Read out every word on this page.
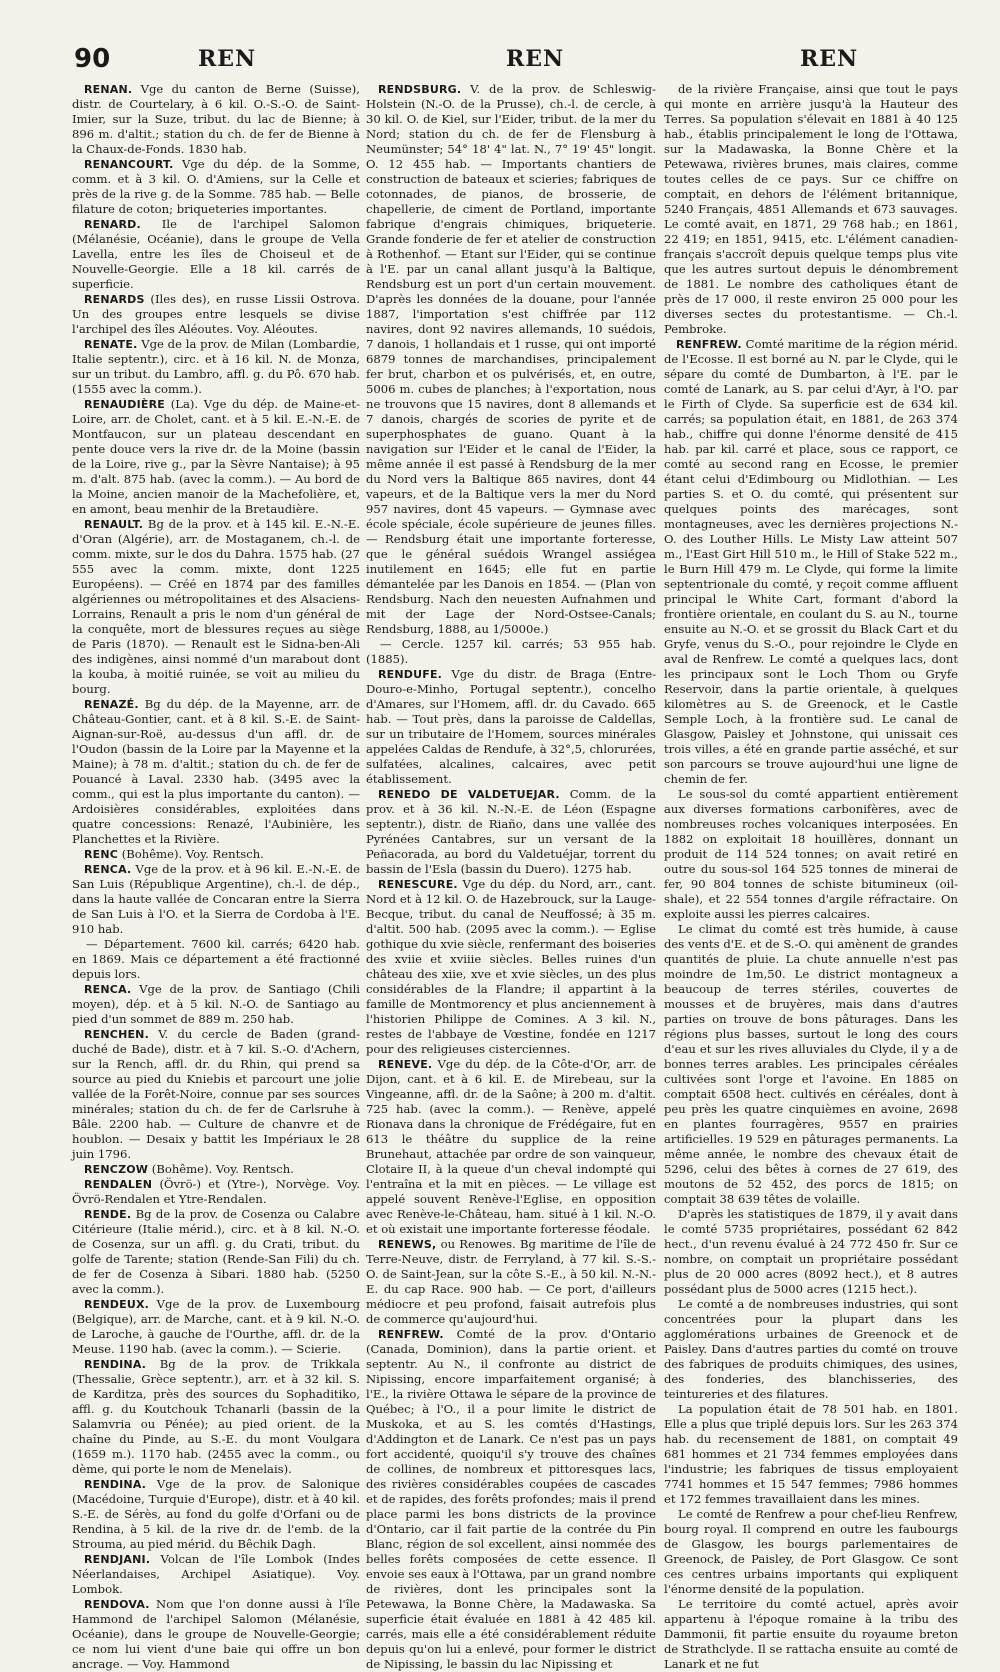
90	REN	REN	REN

RENAN. Vge du canton de Berne (Suisse), distr. de Courtelary, à 6 kil. O.-S.-O. de Saint-Imier, sur la Suze, tribut. du lac de Bienne; à 896 m. d'altit.; station du ch. de fer de Bienne à la Chaux-de-Fonds. 1830 hab.

RENANCOURT. Vge du dép. de la Somme, comm. et à 3 kil. O. d'Amiens, sur la Celle et près de la rive g. de la Somme. 785 hab. — Belle filature de coton; briqueteries importantes.

RENARD. Ile de l'archipel Salomon (Mélanésie, Océanie), dans le groupe de Vella Lavella, entre les îles de Choiseul et de Nouvelle-Georgie. Elle a 18 kil. carrés de superficie.

RENARDS (Iles des), en russe Lissii Ostrova. Un des groupes entre lesquels se divise l'archipel des îles Aléoutes. Voy. Aléoutes.

RENATE. Vge de la prov. de Milan (Lombardie, Italie septentr.), circ. et à 16 kil. N. de Monza, sur un tribut. du Lambro, affl. g. du Pô. 670 hab. (1555 avec la comm.).

RENAUDIÈRE (La). Vge du dép. de Maine-et-Loire, arr. de Cholet, cant. et à 5 kil. E.-N.-E. de Montfaucon, sur un plateau descendant en pente douce vers la rive dr. de la Moine (bassin de la Loire, rive g., par la Sèvre Nantaise); à 95 m. d'alt. 875 hab. (avec la comm.). — Au bord de la Moine, ancien manoir de la Machefolière, et, en amont, beau menhir de la Bretaudière.

RENAULT. Bg de la prov. et à 145 kil. E.-N.-E. d'Oran (Algérie), arr. de Mostaganem, ch.-l. de comm. mixte, sur le dos du Dahra. 1575 hab. (27 555 avec la comm. mixte, dont 1225 Européens). — Créé en 1874 par des familles algériennes ou métropolitaines et des Alsaciens-Lorrains, Renault a pris le nom d'un général de la conquête, mort de blessures reçues au siège de Paris (1870). — Renault est le Sidna-ben-Ali des indigènes, ainsi nommé d'un marabout dont la kouba, à moitié ruinée, se voit au milieu du bourg.

RENAZÉ. Bg du dép. de la Mayenne, arr. de Château-Gontier, cant. et à 8 kil. S.-E. de Saint-Aignan-sur-Roë, au-dessus d'un affl. dr. de l'Oudon (bassin de la Loire par la Mayenne et la Maine); à 78 m. d'altit.; station du ch. de fer de Pouancé à Laval. 2330 hab. (3495 avec la comm., qui est la plus importante du canton). — Ardoisières considérables, exploitées dans quatre concessions: Renazé, l'Aubinière, les Planchettes et la Rivière.

RENC (Bohême). Voy. Rentsch.

RENCA. Vge de la prov. et à 96 kil. E.-N.-E. de San Luis (République Argentine), ch.-l. de dép., dans la haute vallée de Concaran entre la Sierra de San Luis à l'O. et la Sierra de Cordoba à l'E. 910 hab.

— Département. 7600 kil. carrés; 6420 hab. en 1869. Mais ce département a été fractionné depuis lors.

RENCA. Vge de la prov. de Santiago (Chili moyen), dép. et à 5 kil. N.-O. de Santiago au pied d'un sommet de 889 m. 250 hab.

RENCHEN. V. du cercle de Baden (grand-duché de Bade), distr. et à 7 kil. S.-O. d'Achern, sur la Rench, affl. dr. du Rhin, qui prend sa source au pied du Kniebis et parcourt une jolie vallée de la Forêt-Noire, connue par ses sources minérales; station du ch. de fer de Carlsruhe à Bâle. 2200 hab. — Culture de chanvre et de houblon. — Desaix y battit les Impériaux le 28 juin 1796.

RENCZOW (Bohême). Voy. Rentsch.

RENDALEN (Övrö-) et (Ytre-), Norvège. Voy. Övrö-Rendalen et Ytre-Rendalen.

RENDE. Bg de la prov. de Cosenza ou Calabre Citérieure (Italie mérid.), circ. et à 8 kil. N.-O. de Cosenza, sur un affl. g. du Crati, tribut. du golfe de Tarente; station (Rende-San Fili) du ch. de fer de Cosenza à Sibari. 1880 hab. (5250 avec la comm.).

RENDEUX. Vge de la prov. de Luxembourg (Belgique), arr. de Marche, cant. et à 9 kil. N.-O. de Laroche, à gauche de l'Ourthe, affl. dr. de la Meuse. 1190 hab. (avec la comm.). — Scierie.

RENDINA. Bg de la prov. de Trikkala (Thessalie, Grèce septentr.), arr. et à 32 kil. S. de Karditza, près des sources du Sophaditiko, affl. g. du Koutchouk Tchanarli (bassin de la Salamvria ou Pénée); au pied orient. de la chaîne du Pinde, au S.-E. du mont Voulgara (1659 m.). 1170 hab. (2455 avec la comm., ou dème, qui porte le nom de Menelais).

RENDINA. Vge de la prov. de Salonique (Macédoine, Turquie d'Europe), distr. et à 40 kil. S.-E. de Sérès, au fond du golfe d'Orfani ou de Rendina, à 5 kil. de la rive dr. de l'emb. de la Strouma, au pied mérid. du Bêchik Dagh.

RENDJANI. Volcan de l'île Lombok (Indes Néerlandaises, Archipel Asiatique). Voy. Lombok.

RENDOVA. Nom que l'on donne aussi à l'île Hammond de l'archipel Salomon (Mélanésie, Océanie), dans le groupe de Nouvelle-Georgie; ce nom lui vient d'une baie qui offre un bon ancrage. — Voy. Hammond

RENDSBURG. V. de la prov. de Schleswig-Holstein (N.-O. de la Prusse), ch.-l. de cercle, à 30 kil. O. de Kiel, sur l'Eider, tribut. de la mer du Nord; station du ch. de fer de Flensburg à Neumünster; 54° 18' 4" lat. N., 7° 19' 45" longit. O. 12 455 hab. — Importants chantiers de construction de bateaux et scieries; fabriques de cotonnades, de pianos, de brosserie, de chapellerie, de ciment de Portland, importante fabrique d'engrais chimiques, briqueterie. Grande fonderie de fer et atelier de construction à Rothenhof. — Etant sur l'Eider, qui se continue à l'E. par un canal allant jusqu'à la Baltique, Rendsburg est un port d'un certain mouvement. D'après les données de la douane, pour l'année 1887, l'importation s'est chiffrée par 112 navires, dont 92 navires allemands, 10 suédois, 7 danois, 1 hollandais et 1 russe, qui ont importé 6879 tonnes de marchandises, principalement fer brut, charbon et os pulvérisés, et, en outre, 5006 m. cubes de planches; à l'exportation, nous ne trouvons que 15 navires, dont 8 allemands et 7 danois, chargés de scories de pyrite et de superphosphates de guano. Quant à la navigation sur l'Eider et le canal de l'Eider, la même année il est passé à Rendsburg de la mer du Nord vers la Baltique 865 navires, dont 44 vapeurs, et de la Baltique vers la mer du Nord 957 navires, dont 45 vapeurs. — Gymnase avec école spéciale, école supérieure de jeunes filles. — Rendsburg était une importante forteresse, que le général suédois Wrangel assiégea inutilement en 1645; elle fut en partie démantelée par les Danois en 1854. — (Plan von Rendsburg. Nach den neuesten Aufnahmen und mit der Lage der Nord-Ostsee-Canals; Rendsburg, 1888, au 1/5000e.)

— Cercle. 1257 kil. carrés; 53 955 hab. (1885).

RENDUFE. Vge du distr. de Braga (Entre-Douro-e-Minho, Portugal septentr.), concelho d'Amares, sur l'Homem, affl. dr. du Cavado. 665 hab. — Tout près, dans la paroisse de Caldellas, sur un tributaire de l'Homem, sources minérales appelées Caldas de Rendufe, à 32°,5, chlorurées, sulfatées, alcalines, calcaires, avec petit établissement.

RENEDO DE VALDETUEJAR. Comm. de la prov. et à 36 kil. N.-N.-E. de Léon (Espagne septentr.), distr. de Riaño, dans une vallée des Pyrénées Cantabres, sur un versant de la Peñacorada, au bord du Valdetuéjar, torrent du bassin de l'Esla (bassin du Duero). 1275 hab.

RENESCURE. Vge du dép. du Nord, arr., cant. Nord et à 12 kil. O. de Hazebrouck, sur la Lauge-Becque, tribut. du canal de Neuffossé; à 35 m. d'altit. 500 hab. (2095 avec la comm.). — Eglise gothique du xvie siècle, renfermant des boiseries des xviie et xviiie siècles. Belles ruines d'un château des xiie, xve et xvie siècles, un des plus considérables de la Flandre; il appartint à la famille de Montmorency et plus anciennement à l'historien Philippe de Comines. A 3 kil. N., restes de l'abbaye de Vœstine, fondée en 1217 pour des religieuses cisterciennes.

RENEVE. Vge du dép. de la Côte-d'Or, arr. de Dijon, cant. et à 6 kil. E. de Mirebeau, sur la Vingeanne, affl. dr. de la Saône; à 200 m. d'altit. 725 hab. (avec la comm.). — Renève, appelé Rionava dans la chronique de Frédégaire, fut en 613 le théâtre du supplice de la reine Brunehaut, attachée par ordre de son vainqueur, Clotaire II, à la queue d'un cheval indompté qui l'entraîna et la mit en pièces. — Le village est appelé souvent Renève-l'Eglise, en opposition avec Renève-le-Château, ham. situé à 1 kil. N.-O. et où existait une importante forteresse féodale.

RENEWS, ou Renowes. Bg maritime de l'île de Terre-Neuve, distr. de Ferryland, à 77 kil. S.-S.-O. de Saint-Jean, sur la côte S.-E., à 50 kil. N.-N.-E. du cap Race. 900 hab. — Ce port, d'ailleurs médiocre et peu profond, faisait autrefois plus de commerce qu'aujourd'hui.

RENFREW. Comté de la prov. d'Ontario (Canada, Dominion), dans la partie orient. et septentr. Au N., il confronte au district de Nipissing, encore imparfaitement organisé; à l'E., la rivière Ottawa le sépare de la province de Québec; à l'O., il a pour limite le district de Muskoka, et au S. les comtés d'Hastings, d'Addington et de Lanark. Ce n'est pas un pays fort accidenté, quoiqu'il s'y trouve des chaînes de collines, de nombreux et pittoresques lacs, des rivières considérables coupées de cascades et de rapides, des forêts profondes; mais il prend place parmi les bons districts de la province d'Ontario, car il fait partie de la contrée du Pin Blanc, région de sol excellent, ainsi nommée des belles forêts composées de cette essence. Il envoie ses eaux à l'Ottawa, par un grand nombre de rivières, dont les principales sont la Petewawa, la Bonne Chère, la Madawaska. Sa superficie était évaluée en 1881 à 42 485 kil. carrés, mais elle a été considérablement réduite depuis qu'on lui a enlevé, pour former le district de Nipissing, le bassin du lac Nipissing et

de la rivière Française, ainsi que tout le pays qui monte en arrière jusqu'à la Hauteur des Terres. Sa population s'élevait en 1881 à 40 125 hab., établis principalement le long de l'Ottawa, sur la Madawaska, la Bonne Chère et la Petewawa, rivières brunes, mais claires, comme toutes celles de ce pays. Sur ce chiffre on comptait, en dehors de l'élément britannique, 5240 Français, 4851 Allemands et 673 sauvages. Le comté avait, en 1871, 29 768 hab.; en 1861, 22 419; en 1851, 9415, etc. L'élément canadien-français s'accroît depuis quelque temps plus vite que les autres surtout depuis le dénombrement de 1881. Le nombre des catholiques étant de près de 17 000, il reste environ 25 000 pour les diverses sectes du protestantisme. — Ch.-l. Pembroke.

RENFREW. Comté maritime de la région mérid. de l'Ecosse. Il est borné au N. par le Clyde, qui le sépare du comté de Dumbarton, à l'E. par le comté de Lanark, au S. par celui d'Ayr, à l'O. par le Firth of Clyde. Sa superficie est de 634 kil. carrés; sa population était, en 1881, de 263 374 hab., chiffre qui donne l'énorme densité de 415 hab. par kil. carré et place, sous ce rapport, ce comté au second rang en Ecosse, le premier étant celui d'Edimbourg ou Midlothian. — Les parties S. et O. du comté, qui présentent sur quelques points des marécages, sont montagneuses, avec les dernières projections N.-O. des Louther Hills. Le Misty Law atteint 507 m., l'East Girt Hill 510 m., le Hill of Stake 522 m., le Burn Hill 479 m. Le Clyde, qui forme la limite septentrionale du comté, y reçoit comme affluent principal le White Cart, formant d'abord la frontière orientale, en coulant du S. au N., tourne ensuite au N.-O. et se grossit du Black Cart et du Gryfe, venus du S.-O., pour rejoindre le Clyde en aval de Renfrew. Le comté a quelques lacs, dont les principaux sont le Loch Thom ou Gryfe Reservoir, dans la partie orientale, à quelques kilomètres au S. de Greenock, et le Castle Semple Loch, à la frontière sud. Le canal de Glasgow, Paisley et Johnstone, qui unissait ces trois villes, a été en grande partie asséché, et sur son parcours se trouve aujourd'hui une ligne de chemin de fer.

Le sous-sol du comté appartient entièrement aux diverses formations carbonifères, avec de nombreuses roches volcaniques interposées. En 1882 on exploitait 18 houillères, donnant un produit de 114 524 tonnes; on avait retiré en outre du sous-sol 164 525 tonnes de minerai de fer, 90 804 tonnes de schiste bitumineux (oil-shale), et 22 554 tonnes d'argile réfractaire. On exploite aussi les pierres calcaires.

Le climat du comté est très humide, à cause des vents d'E. et de S.-O. qui amènent de grandes quantités de pluie. La chute annuelle n'est pas moindre de 1m,50. Le district montagneux a beaucoup de terres stériles, couvertes de mousses et de bruyères, mais dans d'autres parties on trouve de bons pâturages. Dans les régions plus basses, surtout le long des cours d'eau et sur les rives alluviales du Clyde, il y a de bonnes terres arables. Les principales céréales cultivées sont l'orge et l'avoine. En 1885 on comptait 6508 hect. cultivés en céréales, dont à peu près les quatre cinquièmes en avoine, 2698 en plantes fourragères, 9557 en prairies artificielles. 19 529 en pâturages permanents. La même année, le nombre des chevaux était de 5296, celui des bêtes à cornes de 27 619, des moutons de 52 452, des porcs de 1815; on comptait 38 639 têtes de volaille.

D'après les statistiques de 1879, il y avait dans le comté 5735 propriétaires, possédant 62 842 hect., d'un revenu évalué à 24 772 450 fr. Sur ce nombre, on comptait un propriétaire possédant plus de 20 000 acres (8092 hect.), et 8 autres possédant plus de 5000 acres (1215 hect.).

Le comté a de nombreuses industries, qui sont concentrées pour la plupart dans les agglomérations urbaines de Greenock et de Paisley. Dans d'autres parties du comté on trouve des fabriques de produits chimiques, des usines, des fonderies, des blanchisseries, des teintureries et des filatures.

La population était de 78 501 hab. en 1801. Elle a plus que triplé depuis lors. Sur les 263 374 hab. du recensement de 1881, on comptait 49 681 hommes et 21 734 femmes employées dans l'industrie; les fabriques de tissus employaient 7741 hommes et 15 547 femmes; 7986 hommes et 172 femmes travaillaient dans les mines.

Le comté de Renfrew a pour chef-lieu Renfrew, bourg royal. Il comprend en outre les faubourgs de Glasgow, les bourgs parlementaires de Greenock, de Paisley, de Port Glasgow. Ce sont ces centres urbains importants qui expliquent l'énorme densité de la population.

Le territoire du comté actuel, après avoir appartenu à l'époque romaine à la tribu des Dammonii, fit partie ensuite du royaume breton de Strathclyde. Il se rattacha ensuite au comté de Lanark et ne fut
